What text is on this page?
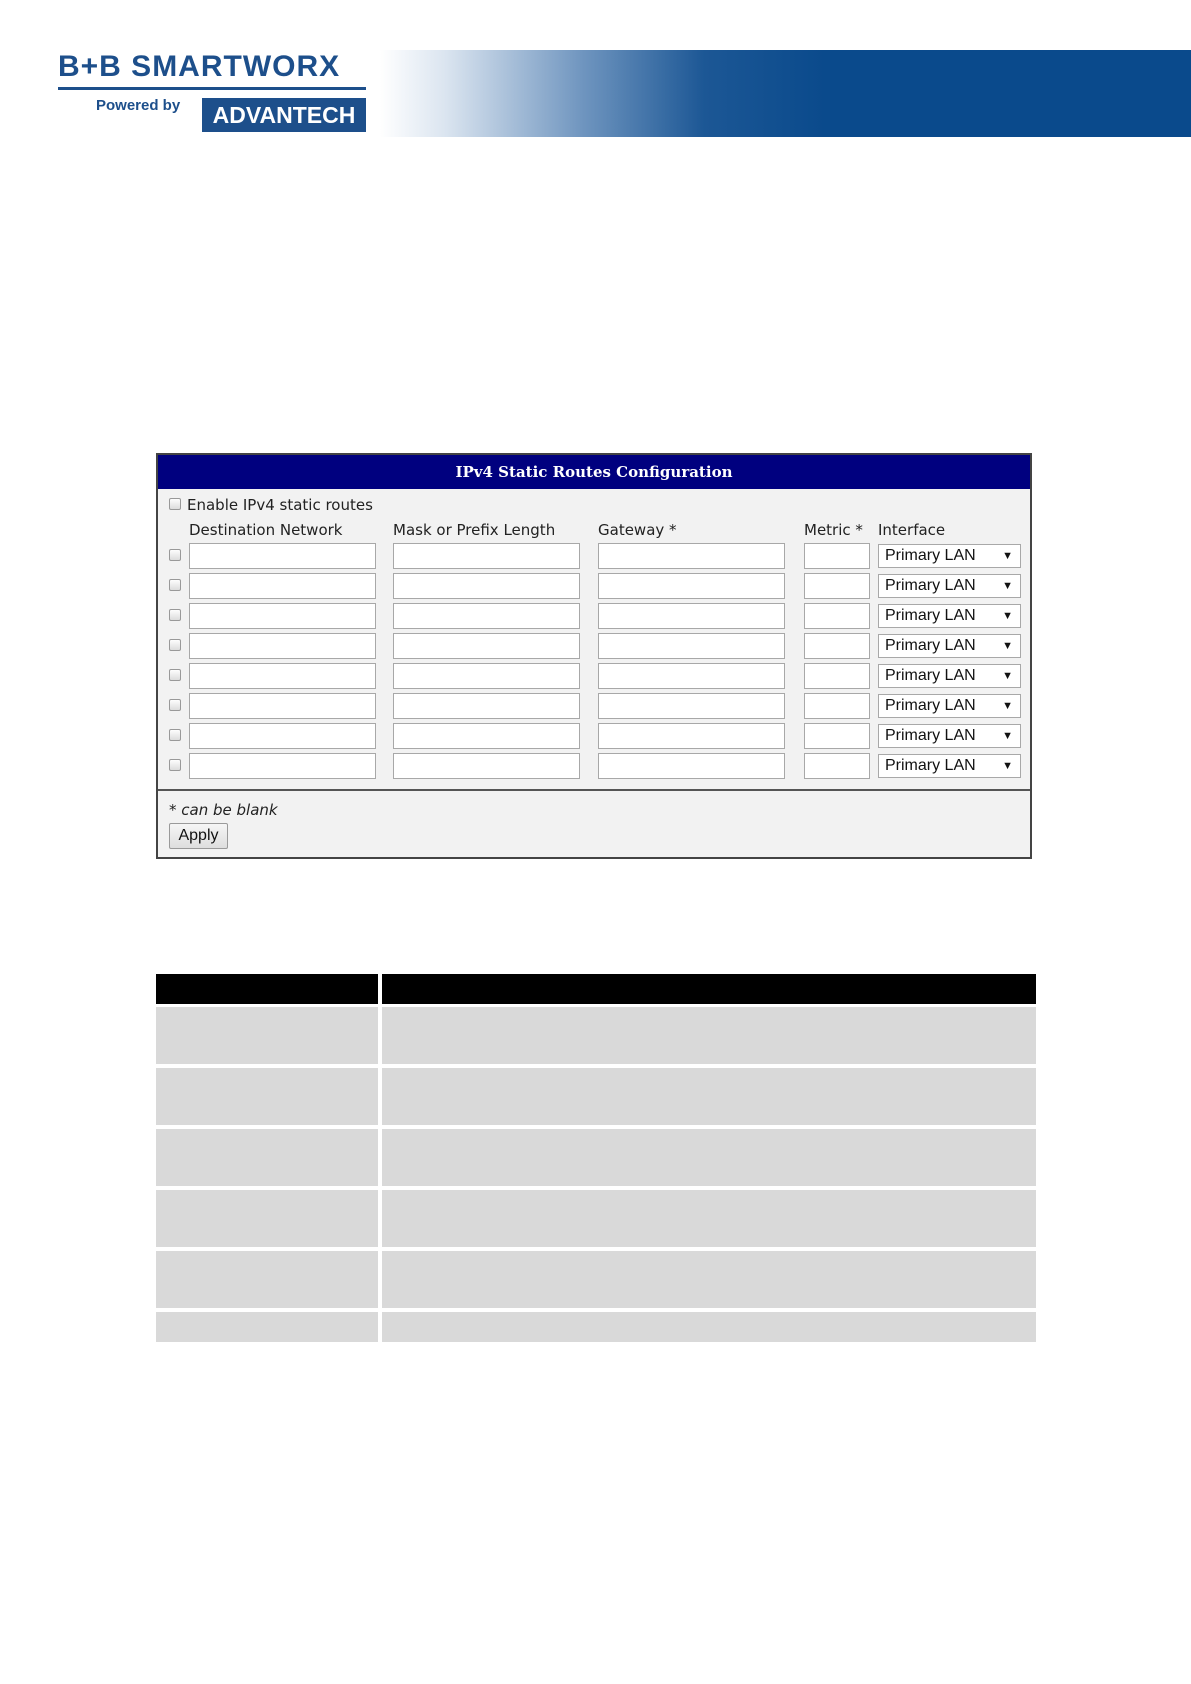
B+B SMARTWORX
Powered by	ADVANTECH
IPv4 Static Routes Configuration
Enable IPv4 static routes
Destination Network	Mask or Prefix Length	Gateway *	Metric * Interface
Primary LAN ▼
Primary LAN ▼
Primary LAN ▼
Primary LAN ▼
Primary LAN ▼
Primary LAN ▼
Primary LAN ▼
Primary LAN ▼
* can be blank
Apply
